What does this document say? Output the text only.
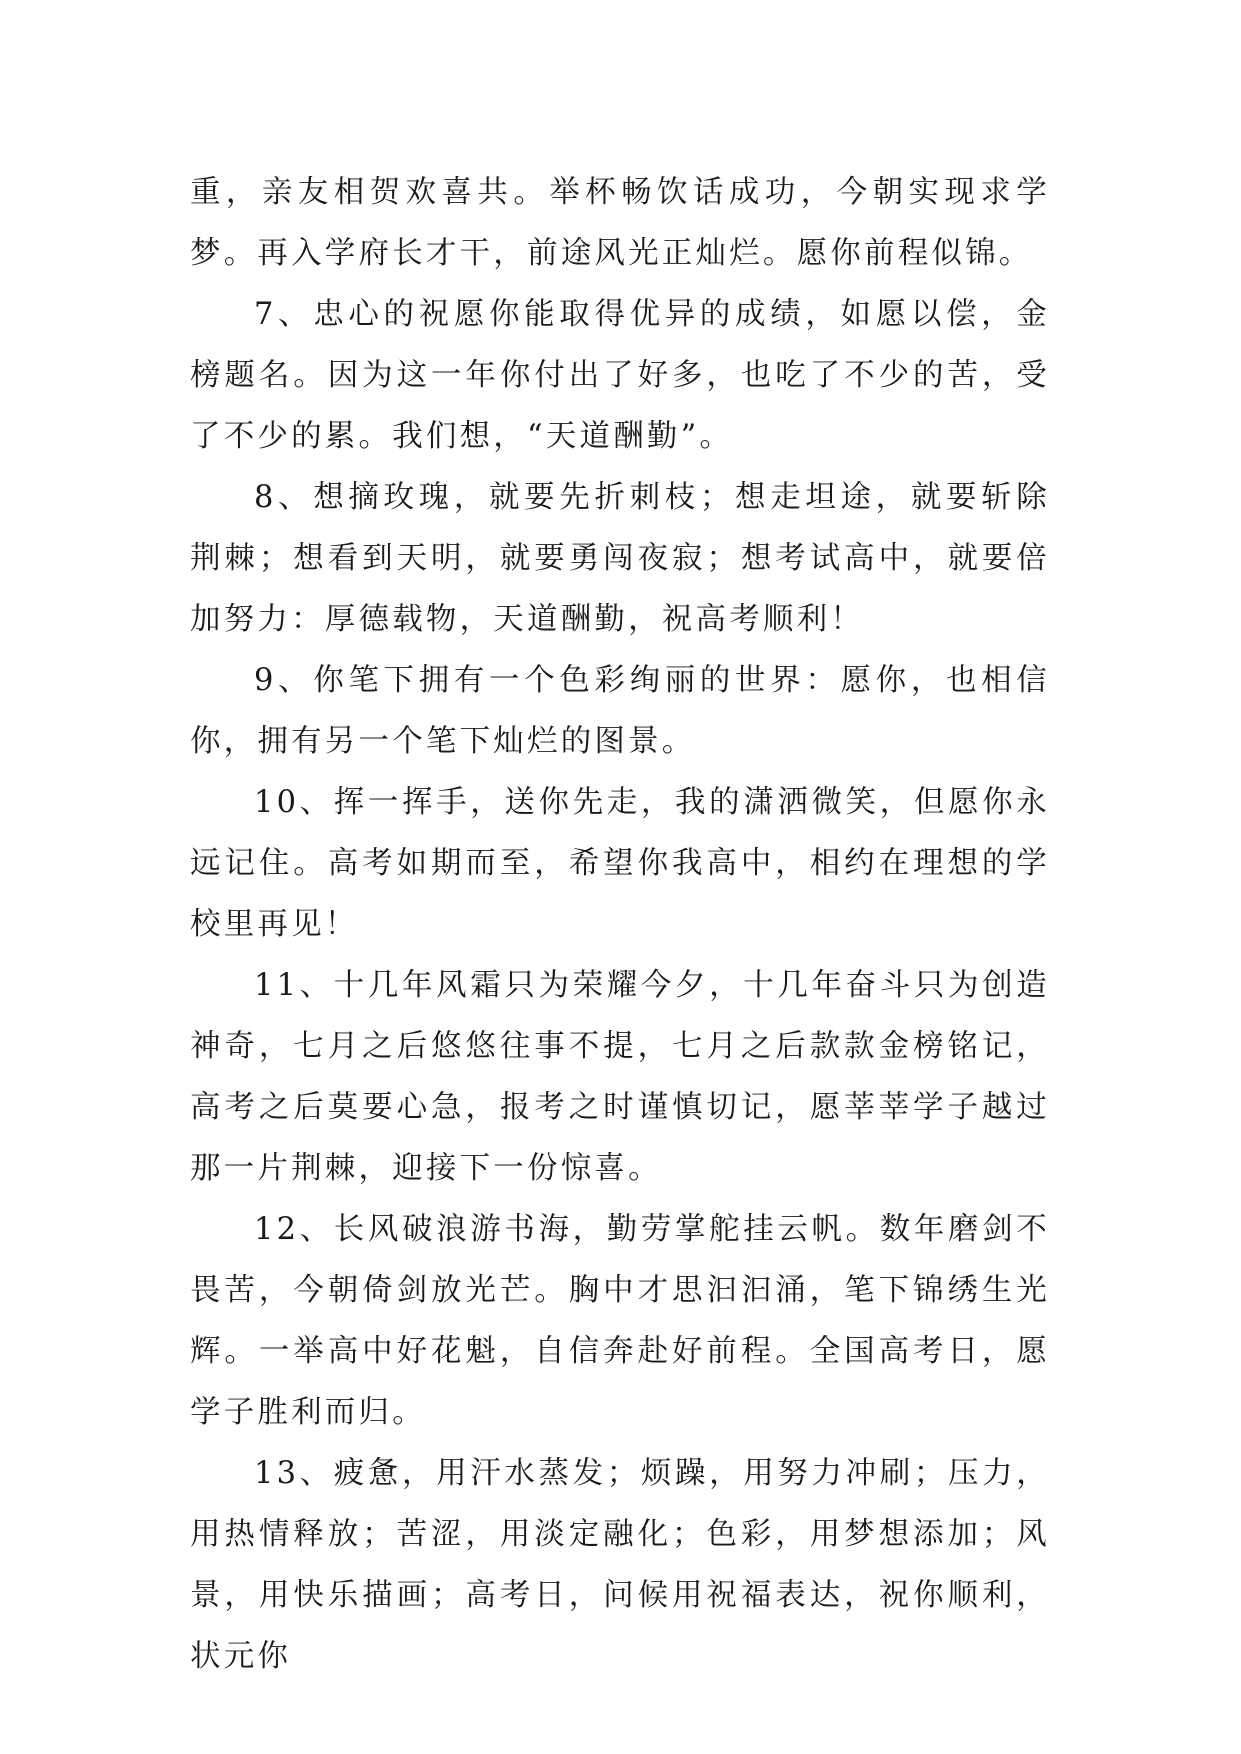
重，亲友相贺欢喜共。举杯畅饮话成功，今朝实现求学梦。再入学府长才干，前途风光正灿烂。愿你前程似锦。

7、忠心的祝愿你能取得优异的成绩，如愿以偿，金榜题名。因为这一年你付出了好多，也吃了不少的苦，受了不少的累。我们想，“天道酬勤”。

8、想摘玫瑰，就要先折刺枝；想走坦途，就要斩除荆棘；想看到天明，就要勇闯夜寂；想考试高中，就要倍加努力：厚德载物，天道酬勤，祝高考顺利！

9、你笔下拥有一个色彩绚丽的世界：愿你，也相信你，拥有另一个笔下灿烂的图景。

10、挥一挥手，送你先走，我的潇洒微笑，但愿你永远记住。高考如期而至，希望你我高中，相约在理想的学校里再见！

11、十几年风霜只为荣耀今夕，十几年奋斗只为创造神奇，七月之后悠悠往事不提，七月之后款款金榜铭记，高考之后莫要心急，报考之时谨慎切记，愿莘莘学子越过那一片荆棘，迎接下一份惊喜。

12、长风破浪游书海，勤劳掌舵挂云帆。数年磨剑不畏苦，今朝倚剑放光芒。胸中才思汩汩涌，笔下锦绣生光辉。一举高中好花魁，自信奔赴好前程。全国高考日，愿学子胜利而归。

13、疲惫，用汗水蒸发；烦躁，用努力冲刷；压力，用热情释放；苦涩，用淡定融化；色彩，用梦想添加；风景，用快乐描画；高考日，问候用祝福表达，祝你顺利，状元你
